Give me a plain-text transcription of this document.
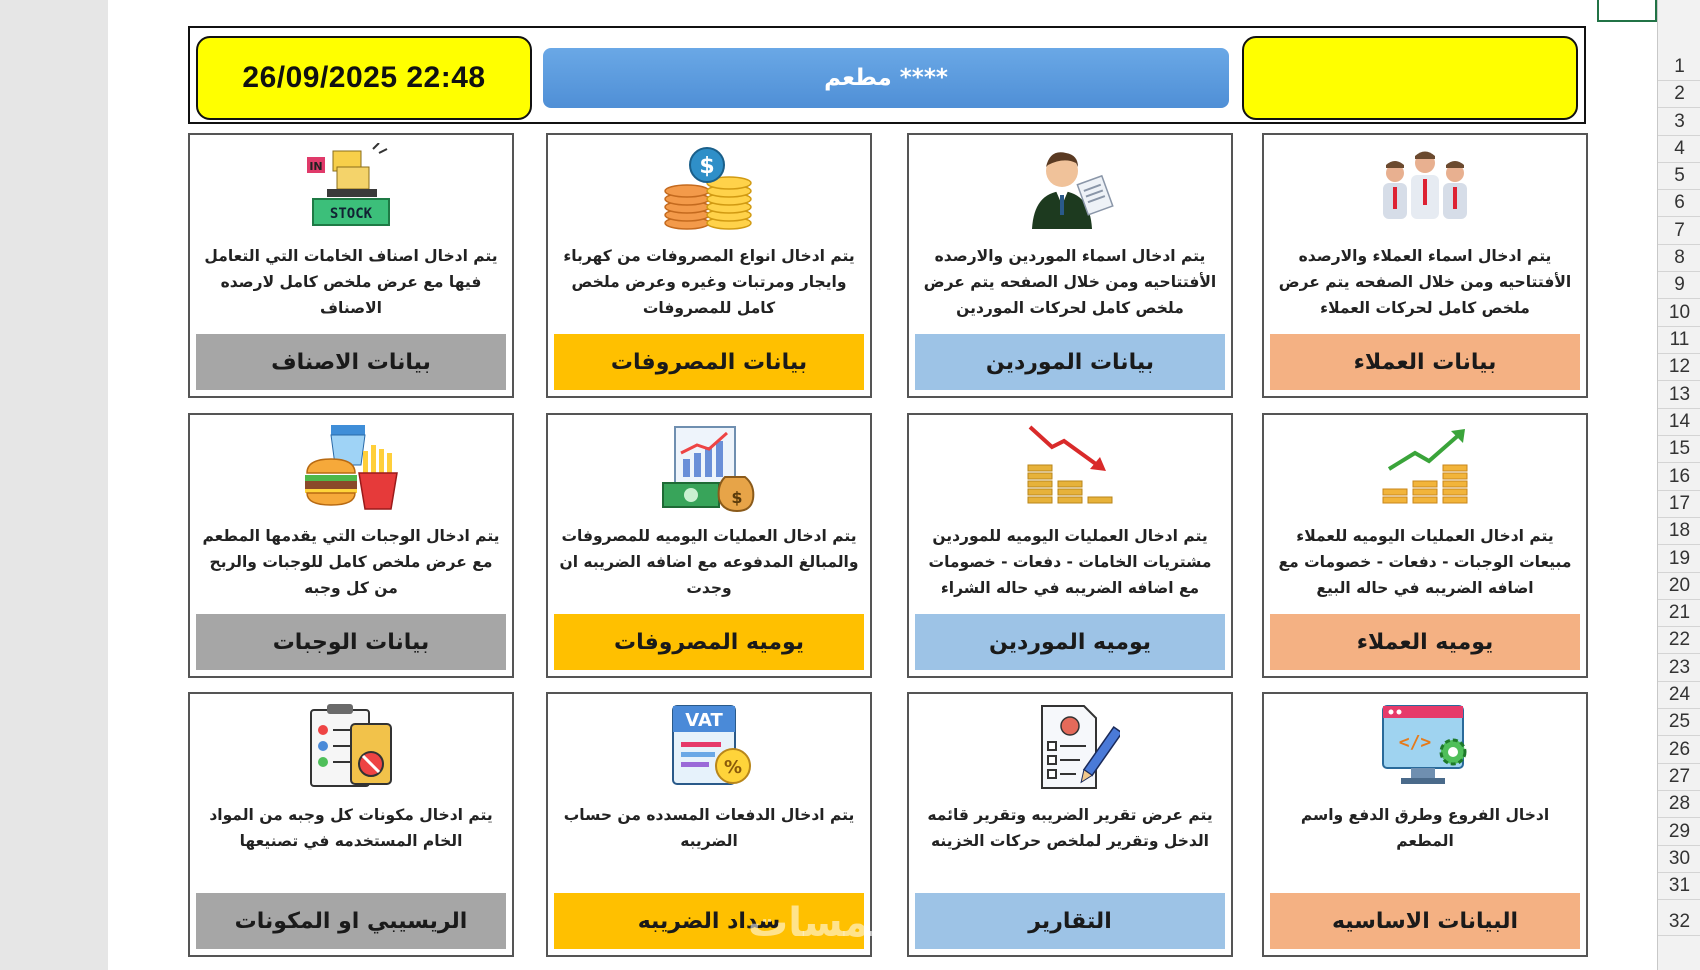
26/09/2025 22:48	مطعم ****
يتم ادخال اسماء العملاء والارصده الأفتتاحيه ومن خلال الصفحه يتم عرض ملخص كامل لحركات العملاء
بيانات العملاء
يتم ادخال اسماء الموردين والارصده الأفتتاحيه ومن خلال الصفحه يتم عرض ملخص كامل لحركات الموردين
بيانات الموردين
$
يتم ادخال انواع المصروفات من كهرباء وايجار ومرتبات وغيره وعرض ملخص كامل للمصروفات
بيانات المصروفات
IN
STOCK
يتم ادخال اصناف الخامات التي التعامل فيها مع عرض ملخص كامل لارصده الاصناف
بيانات الاصناف
يتم ادخال العمليات اليوميه للعملاء مبيعات الوجبات - دفعات - خصومات مع اضافه الضريبه في حاله البيع
يوميه العملاء
يتم ادخال العمليات اليوميه للموردين مشتريات الخامات - دفعات - خصومات مع اضافه الضريبه في حاله الشراء
يوميه الموردين
$
يتم ادخال العمليات اليوميه للمصروفات والمبالغ المدفوعه مع اضافه الضريبه ان وجدت
يوميه المصروفات
يتم ادخال الوجبات التي يقدمها المطعم مع عرض ملخص كامل للوجبات والربح من كل وجبه
بيانات الوجبات
</>
ادخال الفروع وطرق الدفع واسم المطعم
البيانات الاساسيه
يتم عرض تقرير الضريبه وتقرير قائمه الدخل وتقرير لملخص حركات الخزينه
التقارير
VAT
%
يتم ادخال الدفعات المسدده من حساب الضريبه
سداد الضريبه
يتم ادخال مكونات كل وجبه من المواد الخام المستخدمه في تصنيعها
الريسيبي او المكونات	خمسات
1
2
3
4
5
6
7
8
9
10
11
12
13
14
15
16
17
18
19
20
21
22
23
24
25
26
27
28
29
30
31
32
